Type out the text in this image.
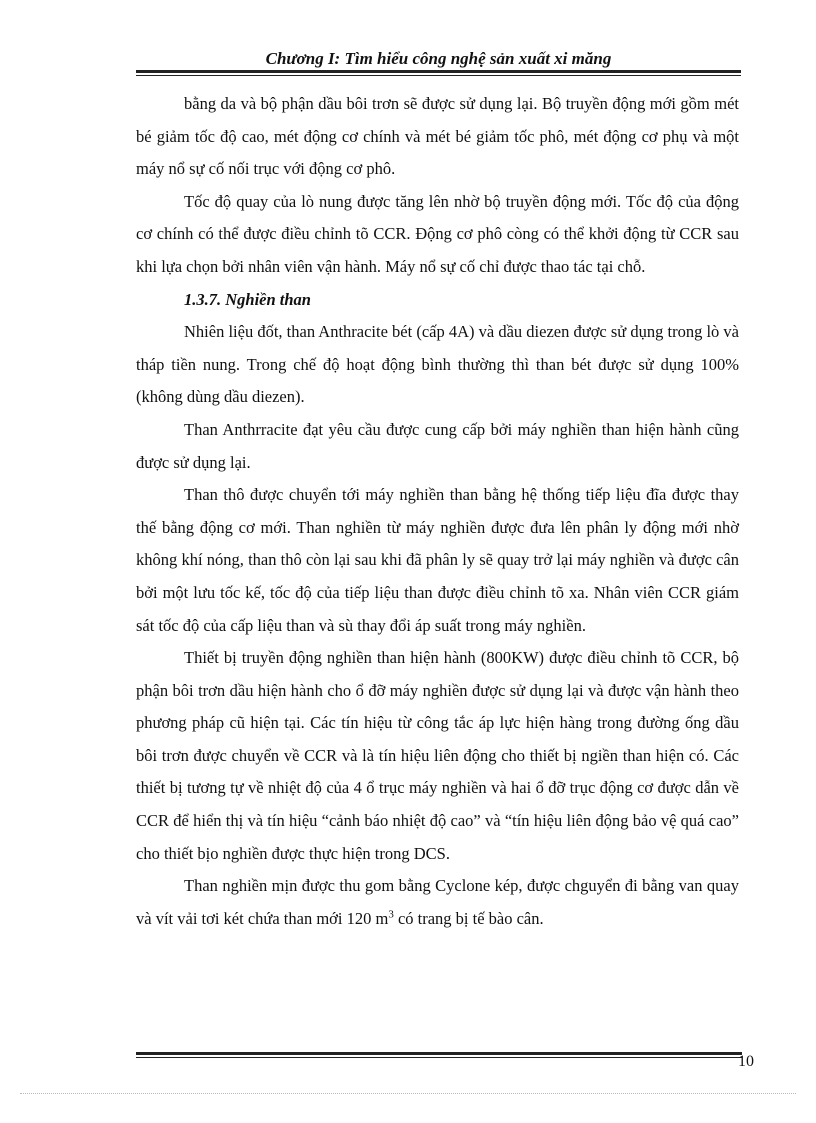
Chương I: Tìm hiểu công nghệ sản xuất xi măng

bằng da và bộ phận dầu bôi trơn sẽ được sử dụng lại. Bộ truyền động mới gồm mét bé giảm tốc độ cao, mét động cơ chính và mét bé giảm tốc phô, mét động cơ phụ và một máy nổ sự cố nối trục với động cơ phô.

Tốc độ quay của lò nung được tăng lên nhờ bộ truyền động mới. Tốc độ của động cơ chính có thể được điều chỉnh tõ CCR. Động cơ phô còng có thể khởi động từ CCR sau khi lựa chọn bởi nhân viên vận hành. Máy nổ sự cố chỉ được thao tác tại chỗ.

1.3.7. Nghiền than

Nhiên liệu đốt, than Anthracite bét (cấp 4A) và dầu diezen được sử dụng trong lò và tháp tiền nung. Trong chế độ hoạt động bình thường thì than bét được sử dụng 100% (không dùng dầu diezen).

Than Anthrracite đạt yêu cầu được cung cấp bởi máy nghiền than hiện hành cũng được sử dụng lại.

Than thô được chuyển tới máy nghiền than bằng hệ thống tiếp liệu đĩa được thay thế bằng động cơ mới. Than nghiền từ máy nghiền được đưa lên phân ly động mới nhờ không khí nóng, than thô còn lại sau khi đã phân ly sẽ quay trở lại máy nghiền và được cân bởi một lưu tốc kế, tốc độ của tiếp liệu than được điều chỉnh tõ xa. Nhân viên CCR giám sát tốc độ của cấp liệu than và sù thay đổi áp suất trong máy nghiền.

Thiết bị truyền động nghiền than hiện hành (800KW) được điều chỉnh tõ CCR, bộ phận bôi trơn dầu hiện hành cho ổ đỡ máy nghiền được sử dụng lại và được vận hành theo phương pháp cũ hiện tại. Các tín hiệu từ công tắc áp lực hiện hàng trong đường ống dầu bôi trơn được chuyển về CCR và là tín hiệu liên động cho thiết bị ngiền than hiện có. Các thiết bị tương tự về nhiệt độ của 4 ổ trục máy nghiền và hai ổ đỡ trục động cơ được dẫn về CCR để hiển thị và tín hiệu “cảnh báo nhiệt độ cao” và “tín hiệu liên động bảo vệ quá cao” cho thiết bịo nghiền được thực hiện trong DCS.

Than nghiền mịn được thu gom bằng Cyclone kép, được chguyển đi bằng van quay và vít vải tơi két chứa than mới 120 $m^3$ có trang bị tế bào cân.

10
